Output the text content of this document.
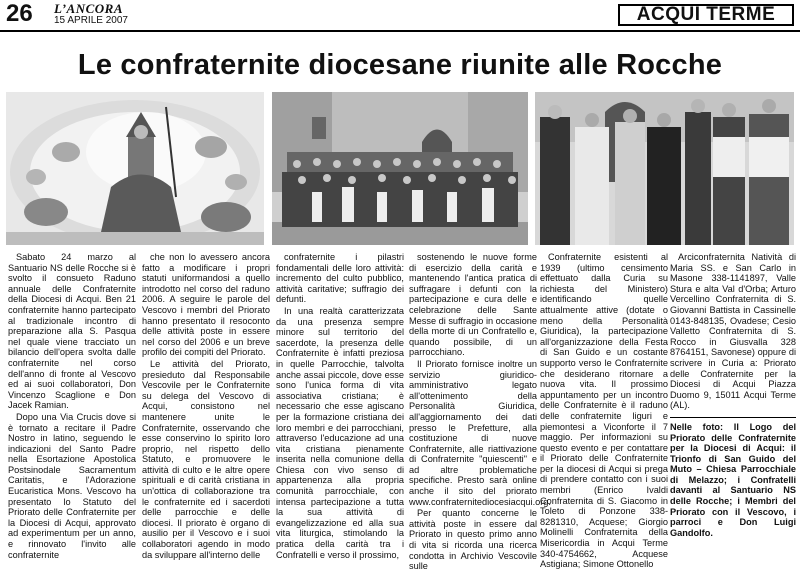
26 L’ANCORA
15 APRILE 2007	ACQUI TERME
Le confraternite diocesane riunite alle Rocche

Sabato 24 marzo al Santuario NS delle Rocche si è svolto il consueto Raduno annuale delle Confraternite della Diocesi di Acqui. Ben 21 confraternite hanno partecipato al tradizionale incontro di preparazione alla S. Pasqua nel quale viene tracciato un bilancio dell'opera svolta dalle confraternite nel corso dell'anno di fronte al Vescovo ed ai suoi collaboratori, Don Vincenzo Scaglione e Don Jacek Ramian.

Dopo una Via Crucis dove si è tornato a recitare il Padre Nostro in latino, seguendo le indicazioni del Santo Padre nella Esortazione Apostolica Postsinodale Sacramentum Caritatis, e l'Adorazione Eucaristica Mons. Vescovo ha presentato lo Statuto del Priorato delle Confraternite per la Diocesi di Acqui, approvato ad experimentum per un anno, e rinnovato l'invito alle confraternite

che non lo avessero ancora fatto a modificare i propri statuti uniformandosi a quello introdotto nel corso del raduno 2006. A seguire le parole del Vescovo i membri del Priorato hanno presentato il resoconto delle attività poste in essere nel corso del 2006 e un breve profilo dei compiti del Priorato.

Le attività del Priorato, presieduto dal Responsabile Vescovile per le Confraternite su delega del Vescovo di Acqui, consistono nel mantenere unite le Confraternite, osservando che esse conservino lo spirito loro proprio, nel rispetto dello Statuto, e promuovere le attività di culto e le altre opere spirituali e di carità cristiana in un'ottica di collaborazione tra le confraternite ed i sacerdoti delle parrocchie e delle diocesi. Il priorato è organo di ausilio per il Vescovo e i suoi collaboratori agendo in modo da sviluppare all'interno delle

confraternite i pilastri fondamentali delle loro attività: incremento del culto pubblico, attività caritative; suffragio dei defunti.

In una realtà caratterizzata da una presenza sempre minore sul territorio del sacerdote, la presenza delle Confraternite è infatti preziosa in quelle Parrocchie, talvolta anche assai piccole, dove esse sono l'unica forma di vita associativa cristiana; è necessario che esse agiscano per la formazione cristiana dei loro membri e dei parrocchiani, attraverso l'educazione ad una vita cristiana pienamente inserita nella comunione della Chiesa con vivo senso di appartenenza alla propria comunità parrocchiale, con intensa partecipazione a tutta la sua attività di evangelizzazione ed alla sua vita liturgica, stimolando la pratica della carità tra i Confratelli e verso il prossimo,

sostenendo le nuove forme di esercizio della carità e mantenendo l'antica pratica di suffragare i defunti con la partecipazione e cura delle e celebrazione delle Sante Messe di suffragio in occasione della morte di un Confratello e, quando possibile, di un parrocchiano.

Il Priorato fornisce inoltre un servizio giuridico-amministrativo legato all'ottenimento della Personalità Giuridica, all'aggiornamento dei dati presso le Prefetture, alla costituzione di nuove Confraternite, alle riattivazione di Confraternite "quiescenti" e ad altre problematiche specifiche. Presto sarà online anche il sito del priorato www.confraternitediocesiacqui.org.

Per quanto concerne le attività poste in essere dal Priorato in questo primo anno di vita si ricorda una ricerca condotta in Archivio Vescovile sulle

Confraternite esistenti al 1939 (ultimo censimento effettuato dalla Curia su richiesta del Ministero) identificando quelle attualmente attive (dotate o meno della Personalità Giuridica), la partecipazione all'organizzazione della Festa di San Guido e un costante supporto verso le Confraternite che desiderano ritornare a nuova vita. Il prossimo appuntamento per un incontro delle Confraternite è il raduno delle confraternite liguri e piemontesi a Viconforte il 7 maggio. Per informazioni su questo evento e per contattare il Priorato delle Confraternite per la diocesi di Acqui si prega di prendere contatto con i suoi membri (Enrico Ivaldi Confraternita di S. Giacomo in Toleto di Ponzone 338-8281310, Acquese; Giorgio Molinelli Confraternita della Misericordia in Acqui Terme 340-4754662, Acquese Astigiana; Simone Ottonello

Arciconfraternita Natività di Maria SS. e San Carlo in Masone 338-1141897, Valle Stura e alta Val d'Orba; Arturo Vercellino Confraternita di S. Giovanni Battista in Cassinelle 0143-848135, Ovadese; Cesio Valletto Confraternita di S. Rocco in Giusvalla 328 8764151, Savonese) oppure di scrivere in Curia a: Priorato delle Confraternite per la Diocesi di Acqui Piazza Duomo 9, 15011 Acqui Terme (AL).

Nelle foto: Il Logo del Priorato delle Confraternite per la Diocesi di Acqui: il Trionfo di San Guido del Muto – Chiesa Parrocchiale di Melazzo; i Confratelli davanti al Santuario NS delle Rocche; i Membri del Priorato con il Vescovo, i parroci e Don Luigi Gandolfo.
